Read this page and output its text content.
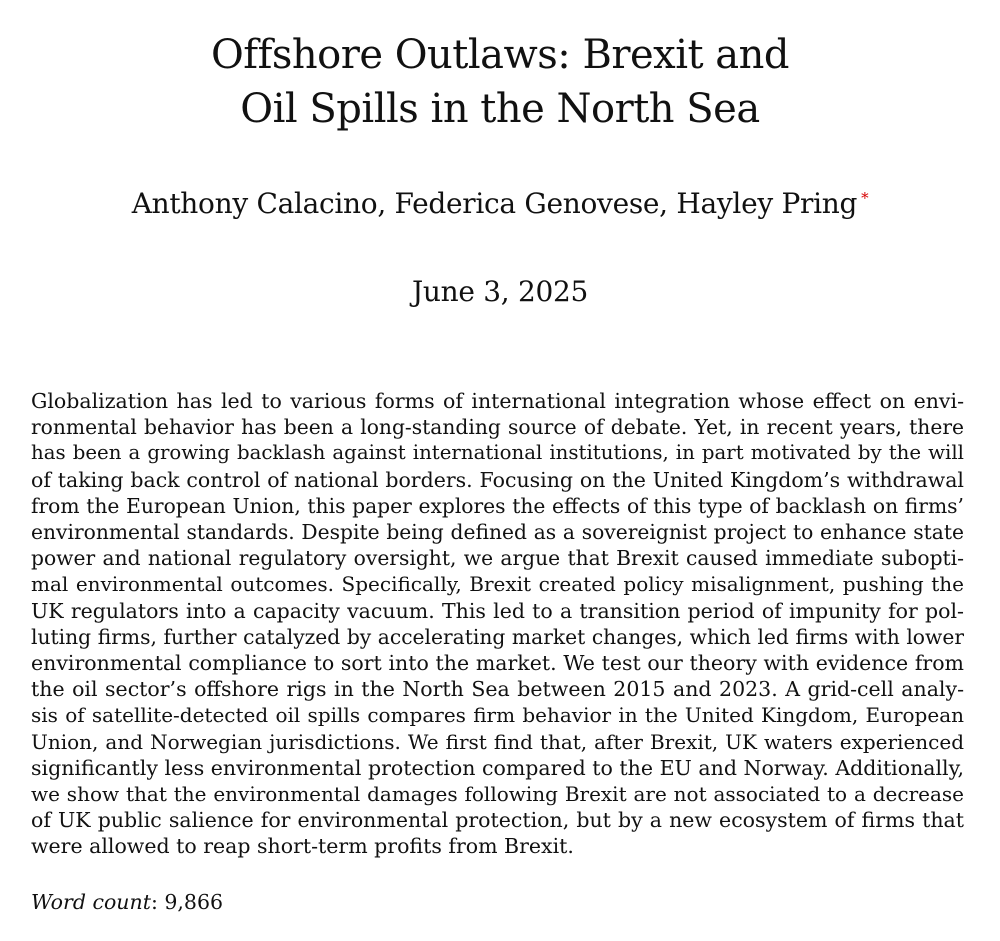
Offshore Outlaws: Brexit and
Oil Spills in the North Sea
Anthony Calacino, Federica Genovese, Hayley Pring *
June 3, 2025
Globalization has led to various forms of international integration whose effect on envi-
ronmental behavior has been a long-standing source of debate. Yet, in recent years, there
has been a growing backlash against international institutions, in part motivated by the will
of taking back control of national borders. Focusing on the United Kingdom’s withdrawal
from the European Union, this paper explores the effects of this type of backlash on firms’
environmental standards. Despite being defined as a sovereignist project to enhance state
power and national regulatory oversight, we argue that Brexit caused immediate subopti-
mal environmental outcomes. Specifically, Brexit created policy misalignment, pushing the
UK regulators into a capacity vacuum. This led to a transition period of impunity for pol-
luting firms, further catalyzed by accelerating market changes, which led firms with lower
environmental compliance to sort into the market. We test our theory with evidence from
the oil sector’s offshore rigs in the North Sea between 2015 and 2023. A grid-cell analy-
sis of satellite-detected oil spills compares firm behavior in the United Kingdom, European
Union, and Norwegian jurisdictions. We first find that, after Brexit, UK waters experienced
significantly less environmental protection compared to the EU and Norway. Additionally,
we show that the environmental damages following Brexit are not associated to a decrease
of UK public salience for environmental protection, but by a new ecosystem of firms that
were allowed to reap short-term profits from Brexit.
Word count: 9,866
